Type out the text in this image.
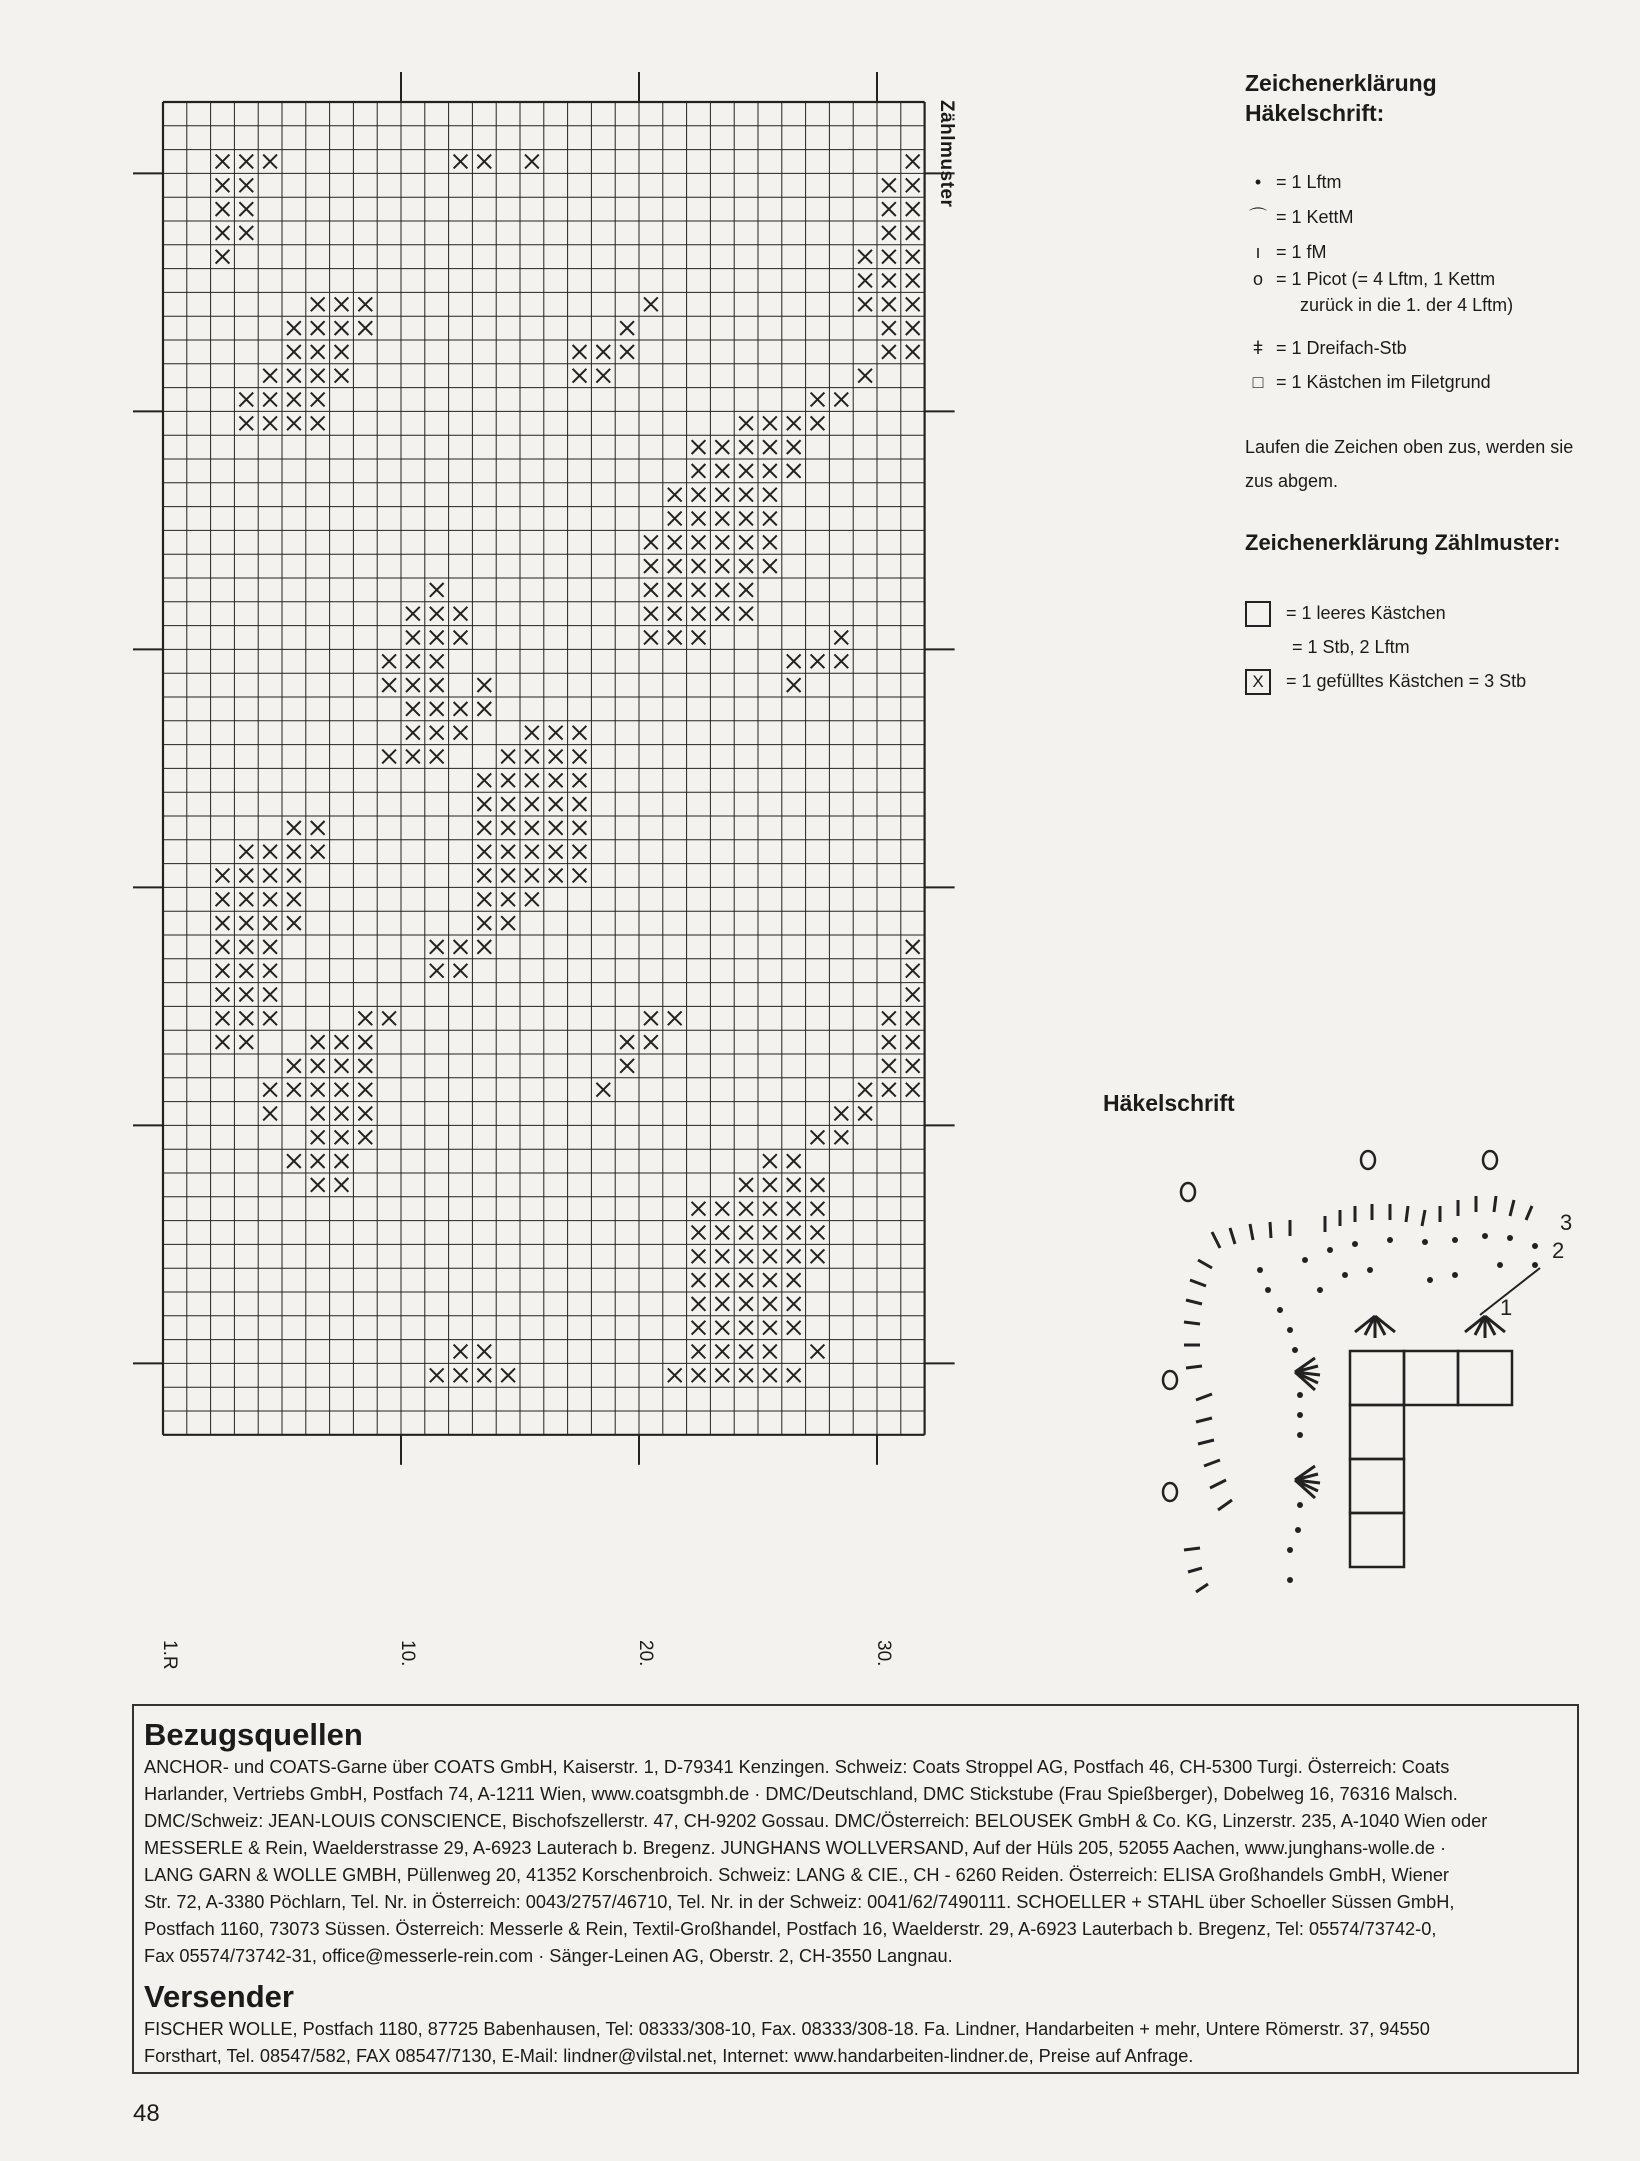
Zählmuster
1.R	10.	20.	30.
Zeichenerklärung
Häkelschrift:
• = 1 Lftm
⌒ = 1 KettM
ı = 1 fM
o = 1 Picot (= 4 Lftm, 1 Kettm
zurück in die 1. der 4 Lftm)
ǂ = 1 Dreifach-Stb
□ = 1 Kästchen im Filetgrund
Laufen die Zeichen oben zus, werden sie zus abgem.
Zeichenerklärung Zählmuster:
= 1 leeres Kästchen
= 1 Stb, 2 Lftm
X = 1 gefülltes Kästchen = 3 Stb
Häkelschrift
1
2
3
Bezugsquellen

ANCHOR- und COATS-Garne über COATS GmbH, Kaiserstr. 1, D-79341 Kenzingen. Schweiz: Coats Stroppel AG, Postfach 46, CH-5300 Turgi. Österreich: Coats

Harlander, Vertriebs GmbH, Postfach 74, A-1211 Wien, www.coatsgmbh.de · DMC/Deutschland, DMC Stickstube (Frau Spießberger), Dobelweg 16, 76316 Malsch.

DMC/Schweiz: JEAN-LOUIS CONSCIENCE, Bischofszellerstr. 47, CH-9202 Gossau. DMC/Österreich: BELOUSEK GmbH & Co. KG, Linzerstr. 235, A-1040 Wien oder

MESSERLE & Rein, Waelderstrasse 29, A-6923 Lauterach b. Bregenz. JUNGHANS WOLLVERSAND, Auf der Hüls 205, 52055 Aachen, www.junghans-wolle.de ·

LANG GARN & WOLLE GMBH, Püllenweg 20, 41352 Korschenbroich. Schweiz: LANG & CIE., CH - 6260 Reiden. Österreich: ELISA Großhandels GmbH, Wiener

Str. 72, A-3380 Pöchlarn, Tel. Nr. in Österreich: 0043/2757/46710, Tel. Nr. in der Schweiz: 0041/62/7490111. SCHOELLER + STAHL über Schoeller Süssen GmbH,

Postfach 1160, 73073 Süssen. Österreich: Messerle & Rein, Textil-Großhandel, Postfach 16, Waelderstr. 29, A-6923 Lauterbach b. Bregenz, Tel: 05574/73742-0,

Fax 05574/73742-31, office@messerle-rein.com · Sänger-Leinen AG, Oberstr. 2, CH-3550 Langnau.

Versender

FISCHER WOLLE, Postfach 1180, 87725 Babenhausen, Tel: 08333/308-10, Fax. 08333/308-18. Fa. Lindner, Handarbeiten + mehr, Untere Römerstr. 37, 94550

Forsthart, Tel. 08547/582, FAX 08547/7130, E-Mail: lindner@vilstal.net, Internet: www.handarbeiten-lindner.de, Preise auf Anfrage.

48
